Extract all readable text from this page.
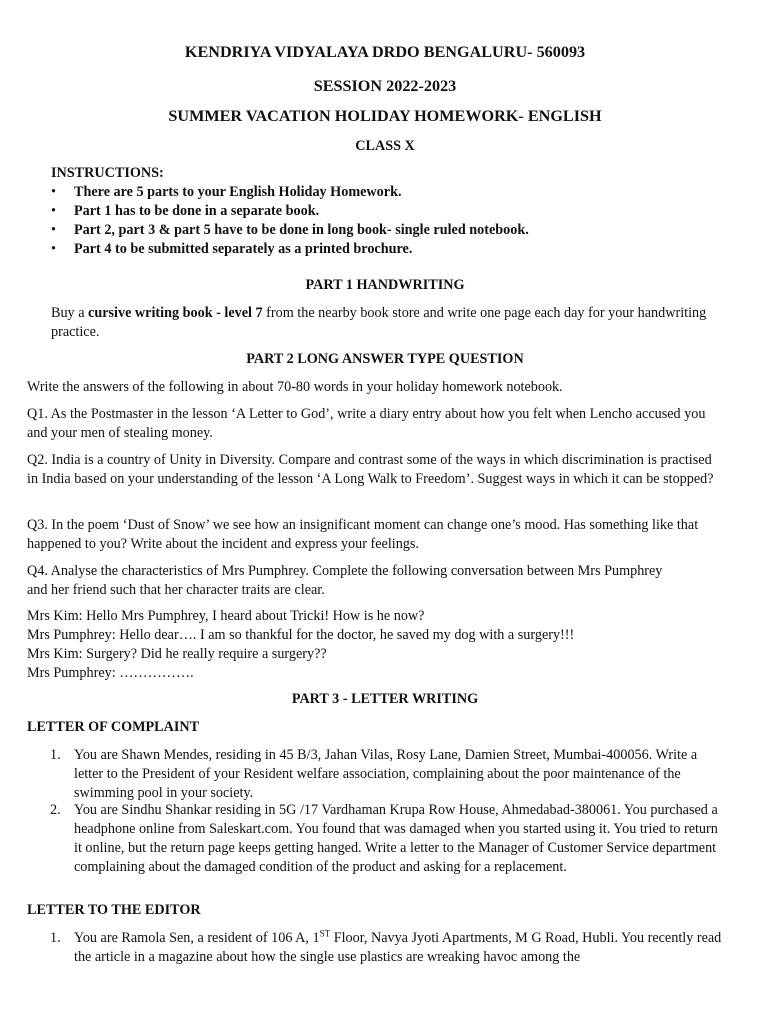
KENDRIYA VIDYALAYA DRDO BENGALURU- 560093
SESSION 2022-2023
SUMMER VACATION HOLIDAY HOMEWORK- ENGLISH
CLASS X
INSTRUCTIONS:
• There are 5 parts to your English Holiday Homework.
• Part 1 has to be done in a separate book.
• Part 2, part 3 & part 5 have to be done in long book- single ruled notebook.
• Part 4 to be submitted separately as a printed brochure.
PART 1 HANDWRITING
Buy a cursive writing book - level 7 from the nearby book store and write one page each day for your handwriting practice.
PART 2 LONG ANSWER TYPE QUESTION
Write the answers of the following in about 70-80 words in your holiday homework notebook.
Q1. As the Postmaster in the lesson ‘A Letter to God’, write a diary entry about how you felt when Lencho accused you and your men of stealing money.
Q2. India is a country of Unity in Diversity. Compare and contrast some of the ways in which discrimination is practised in India based on your understanding of the lesson ‘A Long Walk to Freedom’. Suggest ways in which it can be stopped?
Q3. In the poem ‘Dust of Snow’ we see how an insignificant moment can change one’s mood. Has something like that happened to you? Write about the incident and express your feelings.
Q4. Analyse the characteristics of Mrs Pumphrey. Complete the following conversation between Mrs Pumphrey and her friend such that her character traits are clear.
Mrs Kim: Hello Mrs Pumphrey, I heard about Tricki! How is he now?
Mrs Pumphrey: Hello dear…. I am so thankful for the doctor, he saved my dog with a surgery!!!
Mrs Kim: Surgery? Did he really require a surgery??
Mrs Pumphrey: …………….
PART 3 - LETTER WRITING
LETTER OF COMPLAINT
1. You are Shawn Mendes, residing in 45 B/3, Jahan Vilas, Rosy Lane, Damien Street, Mumbai-400056. Write a letter to the President of your Resident welfare association, complaining about the poor maintenance of the swimming pool in your society.
2. You are Sindhu Shankar residing in 5G /17 Vardhaman Krupa Row House, Ahmedabad-380061. You purchased a headphone online from Saleskart.com. You found that was damaged when you started using it. You tried to return it online, but the return page keeps getting hanged. Write a letter to the Manager of Customer Service department complaining about the damaged condition of the product and asking for a replacement.
LETTER TO THE EDITOR
1. You are Ramola Sen, a resident of 106 A, 1ST Floor, Navya Jyoti Apartments, M G Road, Hubli. You recently read the article in a magazine about how the single use plastics are wreaking havoc among the
